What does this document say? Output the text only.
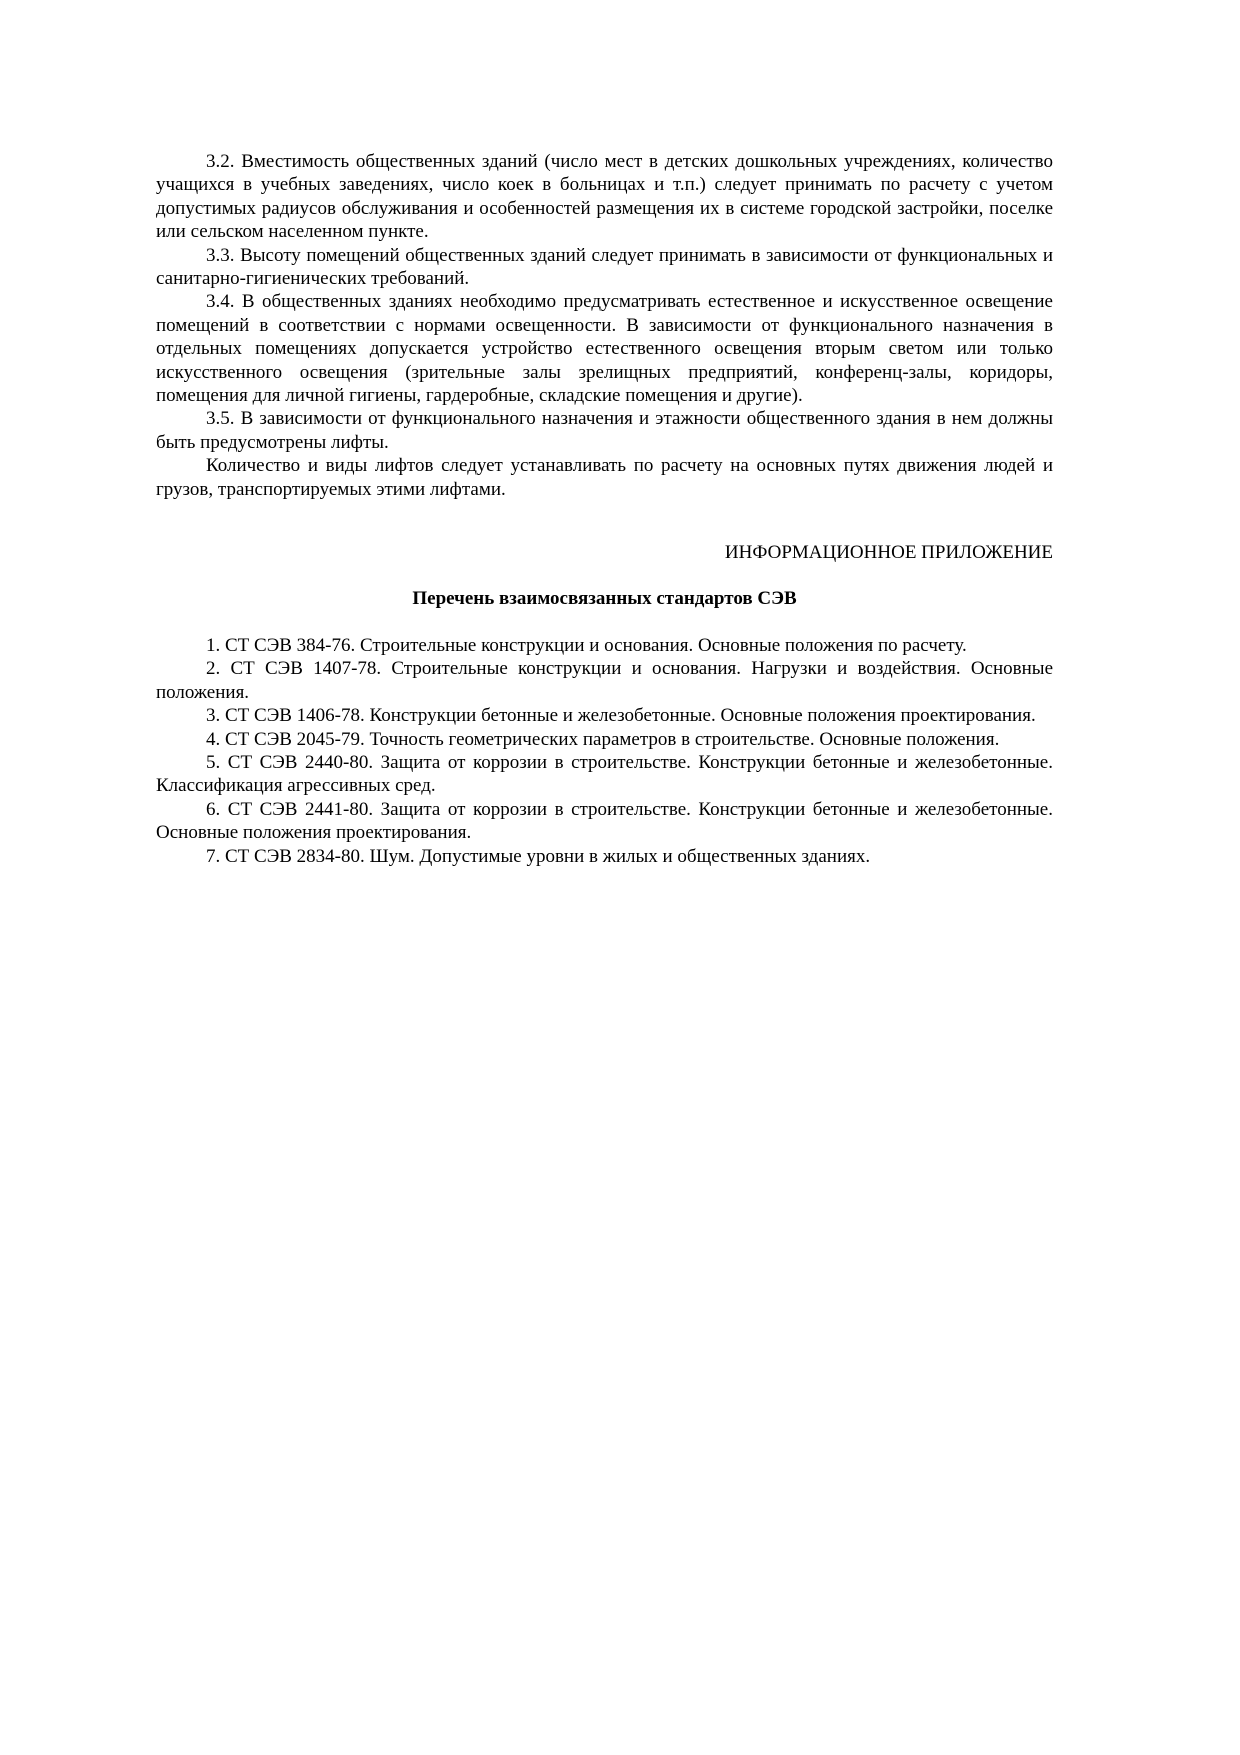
3.2. Вместимость общественных зданий (число мест в детских дошкольных учреждениях, количество учащихся в учебных заведениях, число коек в больницах и т.п.) следует принимать по расчету с учетом допустимых радиусов обслуживания и особенностей размещения их в системе городской застройки, поселке или сельском населенном пункте.

3.3. Высоту помещений общественных зданий следует принимать в зависимости от функциональных и санитарно-гигиенических требований.

3.4. В общественных зданиях необходимо предусматривать естественное и искусственное освещение помещений в соответствии с нормами освещенности. В зависимости от функционального назначения в отдельных помещениях допускается устройство естественного освещения вторым светом или только искусственного освещения (зрительные залы зрелищных предприятий, конференц-залы, коридоры, помещения для личной гигиены, гардеробные, складские помещения и другие).

3.5. В зависимости от функционального назначения и этажности общественного здания в нем должны быть предусмотрены лифты.

Количество и виды лифтов следует устанавливать по расчету на основных путях движения людей и грузов, транспортируемых этими лифтами.

ИНФОРМАЦИОННОЕ ПРИЛОЖЕНИЕ

Перечень взаимосвязанных стандартов СЭВ

1. СТ СЭВ 384-76. Строительные конструкции и основания. Основные положения по расчету.

2. СТ СЭВ 1407-78. Строительные конструкции и основания. Нагрузки и воздействия. Основные положения.

3. СТ СЭВ 1406-78. Конструкции бетонные и железобетонные. Основные положения проектирования.

4. СТ СЭВ 2045-79. Точность геометрических параметров в строительстве. Основные положения.

5. СТ СЭВ 2440-80. Защита от коррозии в строительстве. Конструкции бетонные и железобетонные. Классификация агрессивных сред.

6. СТ СЭВ 2441-80. Защита от коррозии в строительстве. Конструкции бетонные и железобетонные. Основные положения проектирования.

7. СТ СЭВ 2834-80. Шум. Допустимые уровни в жилых и общественных зданиях.
